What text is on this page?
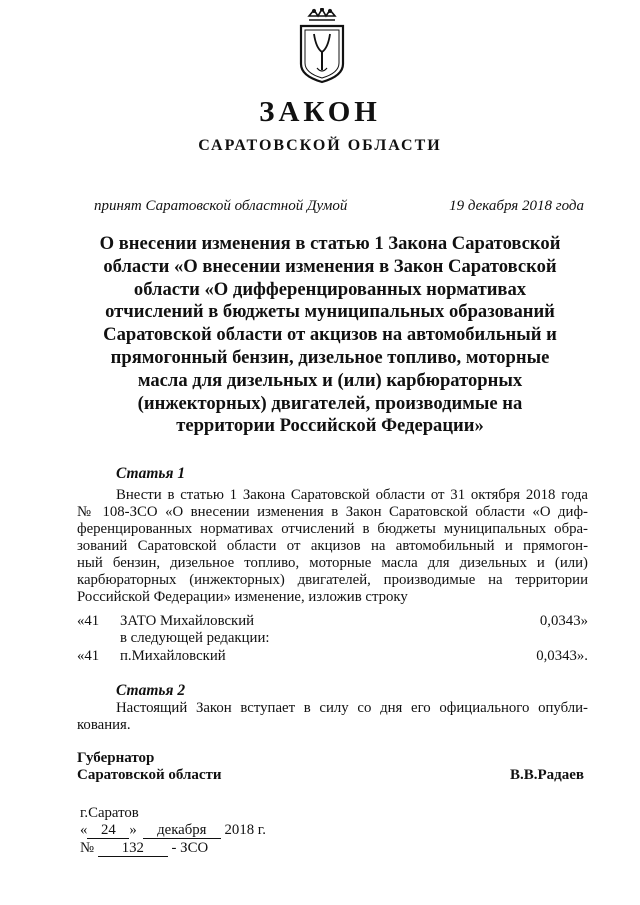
ЗАКОН
САРАТОВСКОЙ ОБЛАСТИ
принят Саратовской областной Думой	19 декабря 2018 года
О внесении изменения в статью 1 Закона Саратовской
области «О внесении изменения в Закон Саратовской
области «О дифференцированных нормативах
отчислений в бюджеты муниципальных образований
Саратовской области от акцизов на автомобильный и
прямогонный бензин, дизельное топливо, моторные
масла для дизельных и (или) карбюраторных
(инжекторных) двигателей, производимые на
территории Российской Федерации»
Статья 1
Внести в статью 1 Закона Саратовской области от 31 октября 2018 года
№ 108-ЗСО «О внесении изменения в Закон Саратовской области «О диф-
ференцированных нормативах отчислений в бюджеты муниципальных обра-
зований Саратовской области от акцизов на автомобильный и прямогон-
ный бензин, дизельное топливо, моторные масла для дизельных и (или)
карбюраторных (инжекторных) двигателей, производимые на территории
Российской Федерации» изменение, изложив строку
«41 ЗАТО Михайловский	0,0343»
в следующей редакции:
«41 п.Михайловский	0,0343».
Статья 2
Настоящий Закон вступает в силу со дня его официального опубли-
кования.
Губернатор
Саратовской области	В.В.Радаев
г.Саратов
« 24 » декабря 2018 г.
№ 132 - ЗСО
